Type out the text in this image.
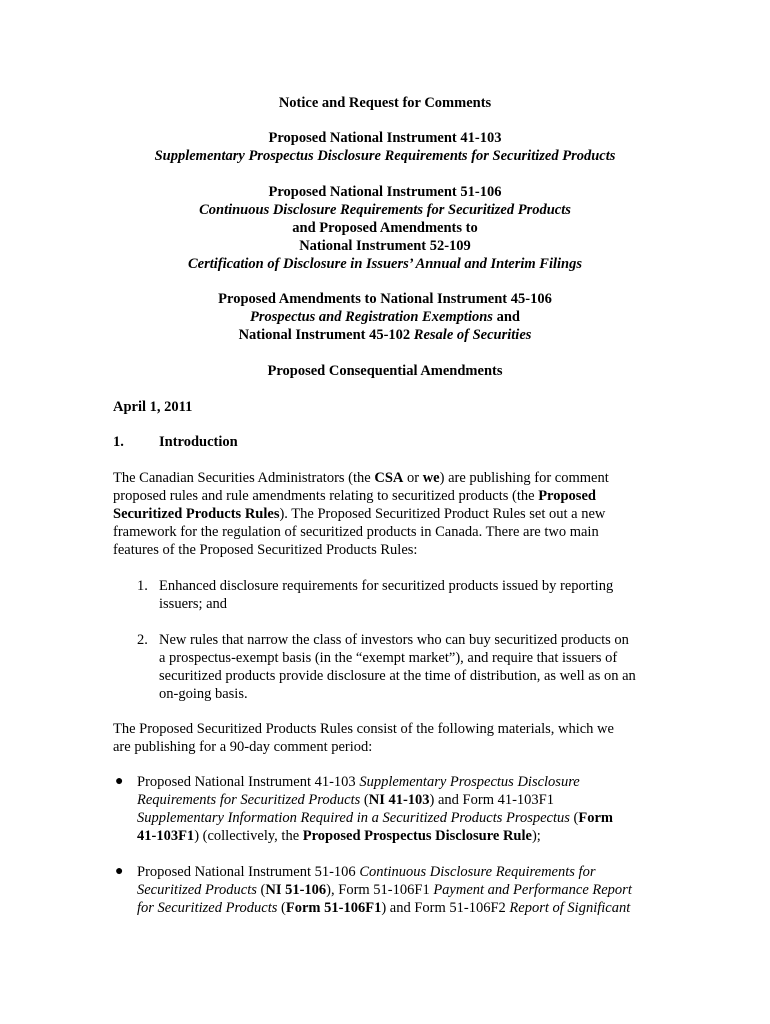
Notice and Request for Comments
Proposed National Instrument 41-103
Supplementary Prospectus Disclosure Requirements for Securitized Products
Proposed National Instrument 51-106
Continuous Disclosure Requirements for Securitized Products
and Proposed Amendments to
National Instrument 52-109
Certification of Disclosure in Issuers’ Annual and Interim Filings
Proposed Amendments to National Instrument 45-106
Prospectus and Registration Exemptions and
National Instrument 45-102 Resale of Securities
Proposed Consequential Amendments
April 1, 2011
1. Introduction
The Canadian Securities Administrators (the CSA or we) are publishing for comment
proposed rules and rule amendments relating to securitized products (the Proposed
Securitized Products Rules). The Proposed Securitized Product Rules set out a new
framework for the regulation of securitized products in Canada. There are two main
features of the Proposed Securitized Products Rules:
1. Enhanced disclosure requirements for securitized products issued by reporting
issuers; and
2. New rules that narrow the class of investors who can buy securitized products on
a prospectus-exempt basis (in the “exempt market”), and require that issuers of
securitized products provide disclosure at the time of distribution, as well as on an
on-going basis.
The Proposed Securitized Products Rules consist of the following materials, which we
are publishing for a 90-day comment period:
● Proposed National Instrument 41-103 Supplementary Prospectus Disclosure
Requirements for Securitized Products (NI 41-103) and Form 41-103F1
Supplementary Information Required in a Securitized Products Prospectus (Form
41-103F1) (collectively, the Proposed Prospectus Disclosure Rule);
● Proposed National Instrument 51-106 Continuous Disclosure Requirements for
Securitized Products (NI 51-106), Form 51-106F1 Payment and Performance Report
for Securitized Products (Form 51-106F1) and Form 51-106F2 Report of Significant
